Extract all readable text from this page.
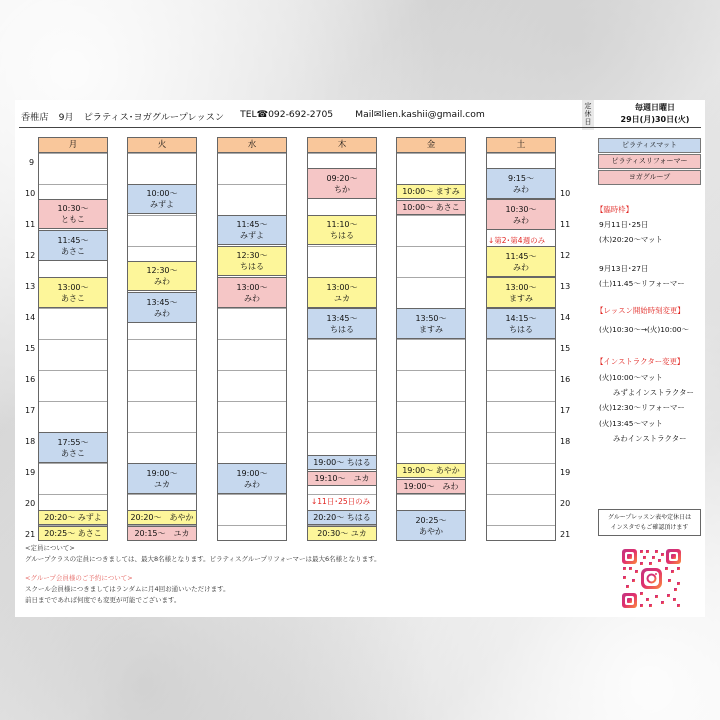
香椎店 9月 ピラティス･ヨガグループレッスン TEL☎092-692-2705 Mail✉lien.kashii@gmail.com
定
休
日
毎週日曜日
29日(月)30日(火)
9
10
11
12
13
14
15
16
17
18
19
20
21
10
11
12
13
14
15
16
17
18
19
20
21
月
10:30～
ともこ
11:45～
あさこ
13:00～
あさこ
17:55～
あさこ
20:20～ みずよ
20:25～ あさこ
火
10:00～
みずよ
12:30～
みわ
13:45～
みわ
19:00～
ユカ
20:20～　あやか
20:15～　ユカ
水
11:45～
みずよ
12:30～
ちはる
13:00～
みわ
19:00～
みわ
木
09:20～
ちか
11:10～
ちはる
13:00～
ユカ
13:45～
ちはる
19:00～ ちはる
19:10～　ユカ
20:20～ ちはる
20:30～ ユカ
金
10:00～ ますみ
10:00～ あさこ
13:50～
ますみ
19:00～ あやか
19:00～　みわ
20:25～
あやか
土
9:15～
みわ
10:30～
みわ
11:45～
みわ
13:00～
ますみ
14:15～
ちはる
↓第2･第4週のみ
↓11日･25日のみ
ピラティスマット
ピラティスリフォーマー
ヨガグループ
【臨時枠】
9月11日･25日
(木)20:20～マット
9月13日･27日
(土)11.45～リフォーマー
【レッスン開始時刻変更】
(火)10:30～→(火)10:00～
【インストラクター変更】
(火)10:00～マット
みずよインストラクター
(火)12:30～リフォーマー
(火)13:45～マット
みわインストラクター
グループレッスン表や定休日は
インスタでもご確認頂けます
<定員について>
グループクラスの定員につきましては、最大8名様となります。ピラティスグループリフォーマーは最大6名様となります。
<グループ会員様のご予約について>
スクール会員様につきましてはランダムに月4回お通いいただけます。
前日までであれば何度でも変更が可能でございます。
